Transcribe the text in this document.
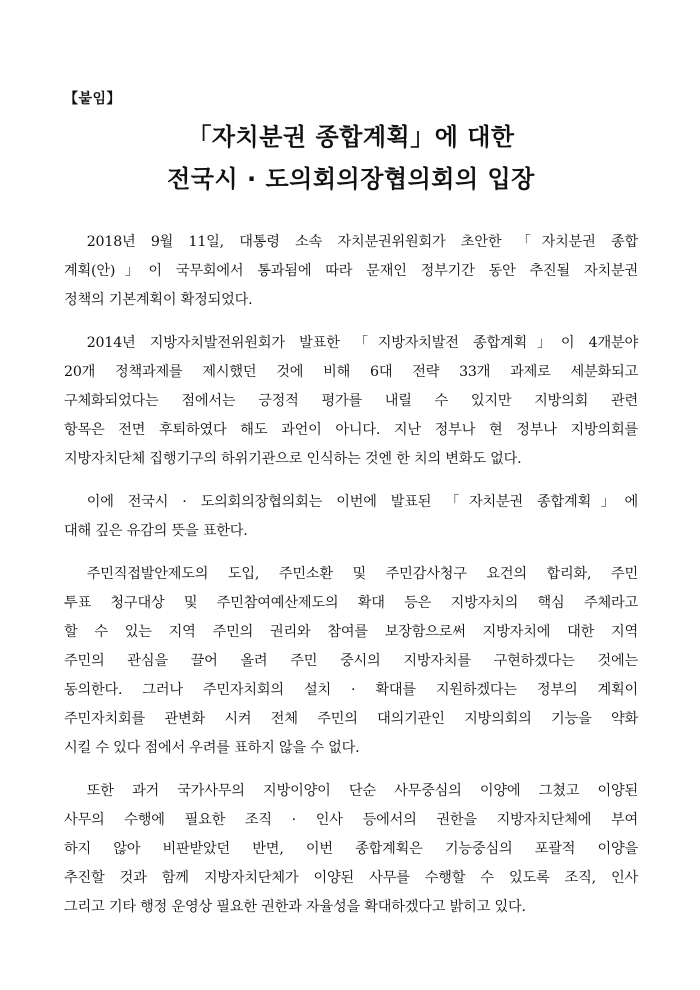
【붙임】
「자치분권 종합계획」에 대한
전국시 · 도의회의장협의회의 입장

2018년 9월 11일, 대통령 소속 자치분권위원회가 초안한 「자치분권 종합
계획(안)」이 국무회에서 통과됨에 따라 문재인 정부기간 동안 추진될 자치분권
정책의 기본계획이 확정되었다.

2014년 지방자치발전위원회가 발표한 「지방자치발전 종합계획」이 4개분야
20개 정책과제를 제시했던 것에 비해 6대 전략 33개 과제로 세분화되고
구체화되었다는 점에서는 긍정적 평가를 내릴 수 있지만 지방의회 관련
항목은 전면 후퇴하였다 해도 과언이 아니다. 지난 정부나 현 정부나 지방의회를
지방자치단체 집행기구의 하위기관으로 인식하는 것엔 한 치의 변화도 없다.

이에 전국시 · 도의회의장협의회는 이번에 발표된 「자치분권 종합계획」에
대해 깊은 유감의 뜻을 표한다.

주민직접발안제도의 도입, 주민소환 및 주민감사청구 요건의 합리화, 주민
투표 청구대상 및 주민참여예산제도의 확대 등은 지방자치의 핵심 주체라고
할 수 있는 지역 주민의 권리와 참여를 보장함으로써 지방자치에 대한 지역
주민의 관심을 끌어 올려 주민 중시의 지방자치를 구현하겠다는 것에는
동의한다. 그러나 주민자치회의 설치 · 확대를 지원하겠다는 정부의 계획이
주민자치회를 관변화 시켜 전체 주민의 대의기관인 지방의회의 기능을 약화
시킬 수 있다 점에서 우려를 표하지 않을 수 없다.

또한 과거 국가사무의 지방이양이 단순 사무중심의 이양에 그쳤고 이양된
사무의 수행에 필요한 조직 · 인사 등에서의 권한을 지방자치단체에 부여
하지 않아 비판받았던 반면, 이번 종합계획은 기능중심의 포괄적 이양을
추진할 것과 함께 지방자치단체가 이양된 사무를 수행할 수 있도록 조직, 인사
그리고 기타 행정 운영상 필요한 권한과 자율성을 확대하겠다고 밝히고 있다.
